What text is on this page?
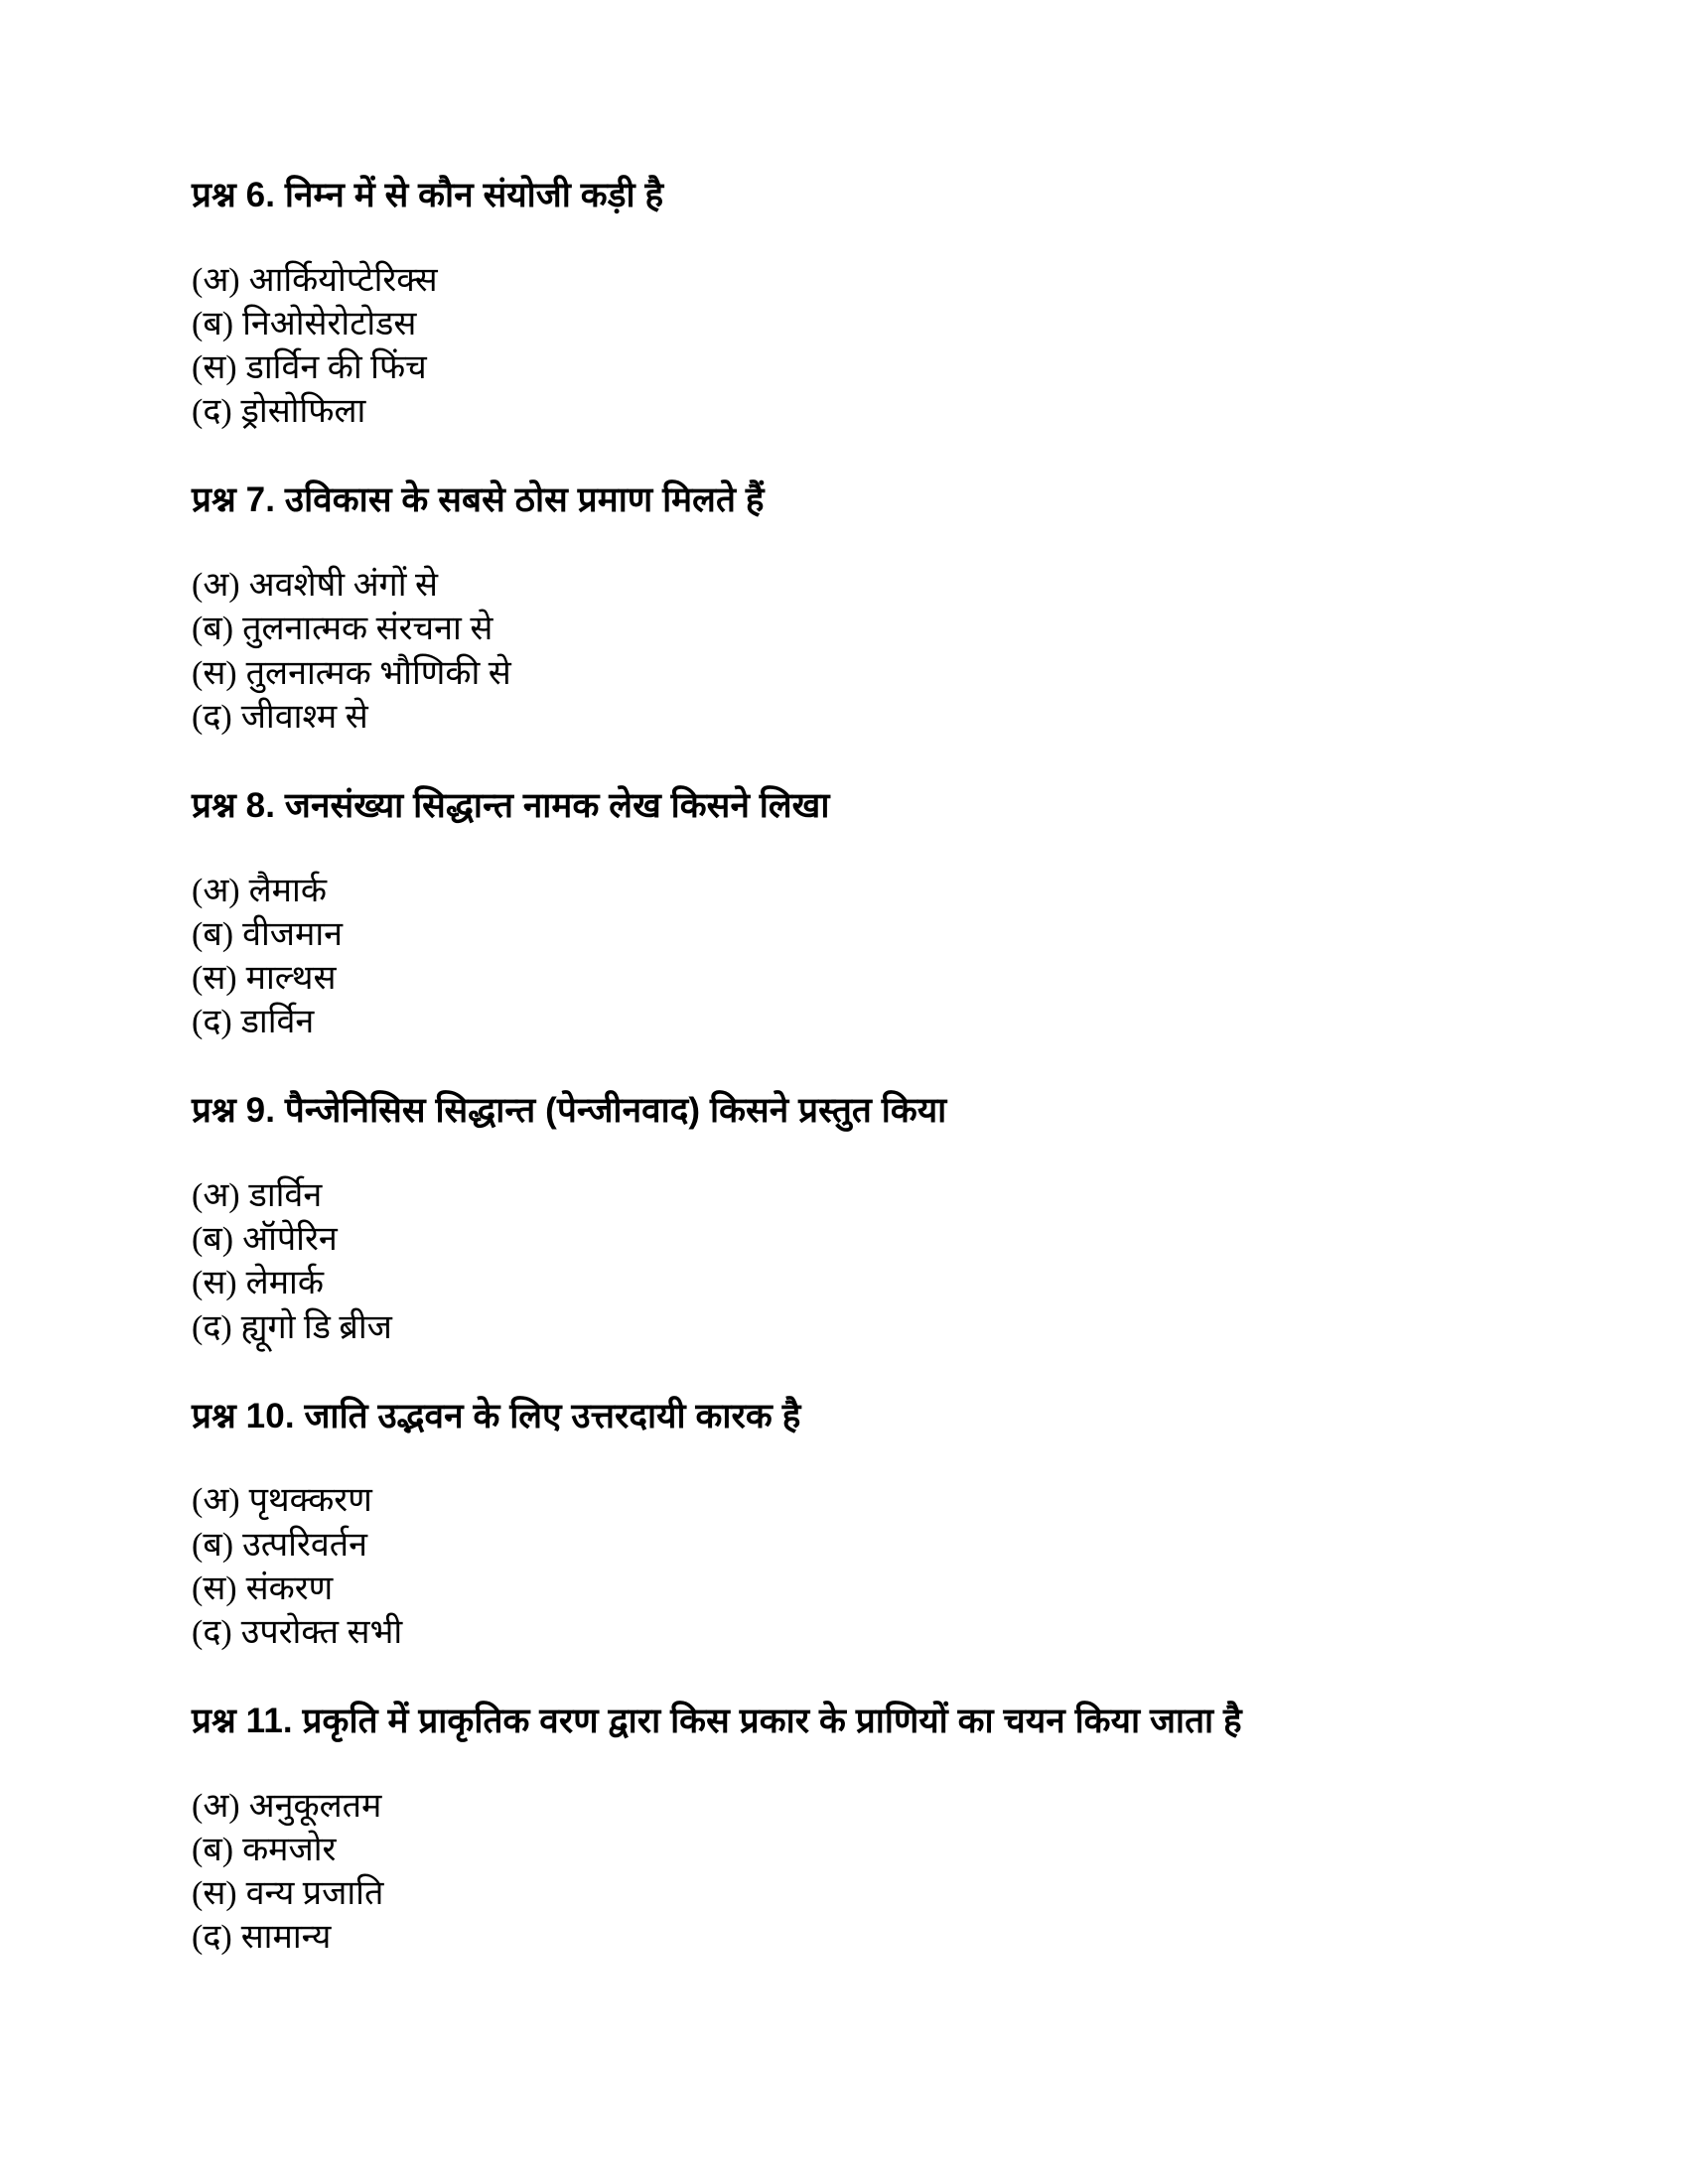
प्रश्न 6. निम्न में से कौन संयोजी कड़ी है
(अ) आर्कियोप्टेरिक्स
(ब) निओसेरोटोडस
(स) डार्विन की फिंच
(द) ड्रोसोफिला
प्रश्न 7. उविकास के सबसे ठोस प्रमाण मिलते हैं
(अ) अवशेषी अंगों से
(ब) तुलनात्मक संरचना से
(स) तुलनात्मक भौणिकी से
(द) जीवाश्म से
प्रश्न 8. जनसंख्या सिद्धान्त नामक लेख किसने लिखा
(अ) लैमार्क
(ब) वीजमान
(स) माल्थस
(द) डार्विन
प्रश्न 9. पैन्जेनिसिस सिद्धान्त (पेन्जीनवाद) किसने प्रस्तुत किया
(अ) डार्विन
(ब) ऑपेरिन
(स) लेमार्क
(द) ह्यूगो डि ब्रीज
प्रश्न 10. जाति उद्भवन के लिए उत्तरदायी कारक है
(अ) पृथक्करण
(ब) उत्परिवर्तन
(स) संकरण
(द) उपरोक्त सभी
प्रश्न 11. प्रकृति में प्राकृतिक वरण द्वारा किस प्रकार के प्राणियों का चयन किया जाता है
(अ) अनुकूलतम
(ब) कमजोर
(स) वन्य प्रजाति
(द) सामान्य
